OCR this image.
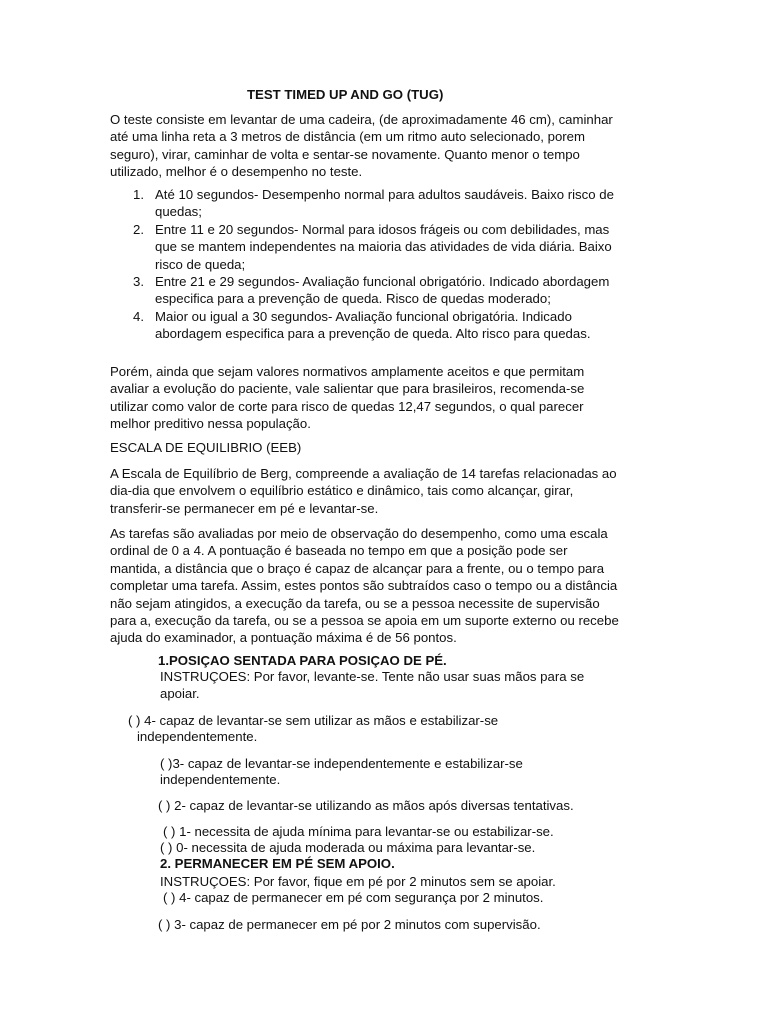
TEST TIMED UP AND GO (TUG)

O teste consiste em levantar de uma cadeira, (de aproximadamente 46 cm), caminhar
até uma linha reta a 3 metros de distância (em um ritmo auto selecionado, porem
seguro), virar, caminhar de volta e sentar-se novamente. Quanto menor o tempo
utilizado, melhor é o desempenho no teste.

1. Até 10 segundos- Desempenho normal para adultos saudáveis. Baixo risco de
quedas;
2. Entre 11 e 20 segundos- Normal para idosos frágeis ou com debilidades, mas
que se mantem independentes na maioria das atividades de vida diária. Baixo
risco de queda;
3. Entre 21 e 29 segundos- Avaliação funcional obrigatório. Indicado abordagem
especifica para a prevenção de queda. Risco de quedas moderado;
4. Maior ou igual a 30 segundos- Avaliação funcional obrigatória. Indicado
abordagem especifica para a prevenção de queda. Alto risco para quedas.

Porém, ainda que sejam valores normativos amplamente aceitos e que permitam
avaliar a evolução do paciente, vale salientar que para brasileiros, recomenda-se
utilizar como valor de corte para risco de quedas 12,47 segundos, o qual parecer
melhor preditivo nessa população.

ESCALA DE EQUILIBRIO (EEB)

A Escala de Equilíbrio de Berg, compreende a avaliação de 14 tarefas relacionadas ao
dia-dia que envolvem o equilíbrio estático e dinâmico, tais como alcançar, girar,
transferir-se permanecer em pé e levantar-se.

As tarefas são avaliadas por meio de observação do desempenho, como uma escala
ordinal de 0 a 4. A pontuação é baseada no tempo em que a posição pode ser
mantida, a distância que o braço é capaz de alcançar para a frente, ou o tempo para
completar uma tarefa. Assim, estes pontos são subtraídos caso o tempo ou a distância
não sejam atingidos, a execução da tarefa, ou se a pessoa necessite de supervisão
para a, execução da tarefa, ou se a pessoa se apoia em um suporte externo ou recebe
ajuda do examinador, a pontuação máxima é de 56 pontos.

1.POSIÇAO SENTADA PARA POSIÇAO DE PÉ.
INSTRUÇOES: Por favor, levante-se. Tente não usar suas mãos para se
apoiar.
( ) 4- capaz de levantar-se sem utilizar as mãos e estabilizar-se
independentemente.
( )3- capaz de levantar-se independentemente e estabilizar-se
independentemente.
( ) 2- capaz de levantar-se utilizando as mãos após diversas tentativas.
( ) 1- necessita de ajuda mínima para levantar-se ou estabilizar-se.
( ) 0- necessita de ajuda moderada ou máxima para levantar-se.
2. PERMANECER EM PÉ SEM APOIO.
INSTRUÇOES: Por favor, fique em pé por 2 minutos sem se apoiar.
( ) 4- capaz de permanecer em pé com segurança por 2 minutos.
( ) 3- capaz de permanecer em pé por 2 minutos com supervisão.
